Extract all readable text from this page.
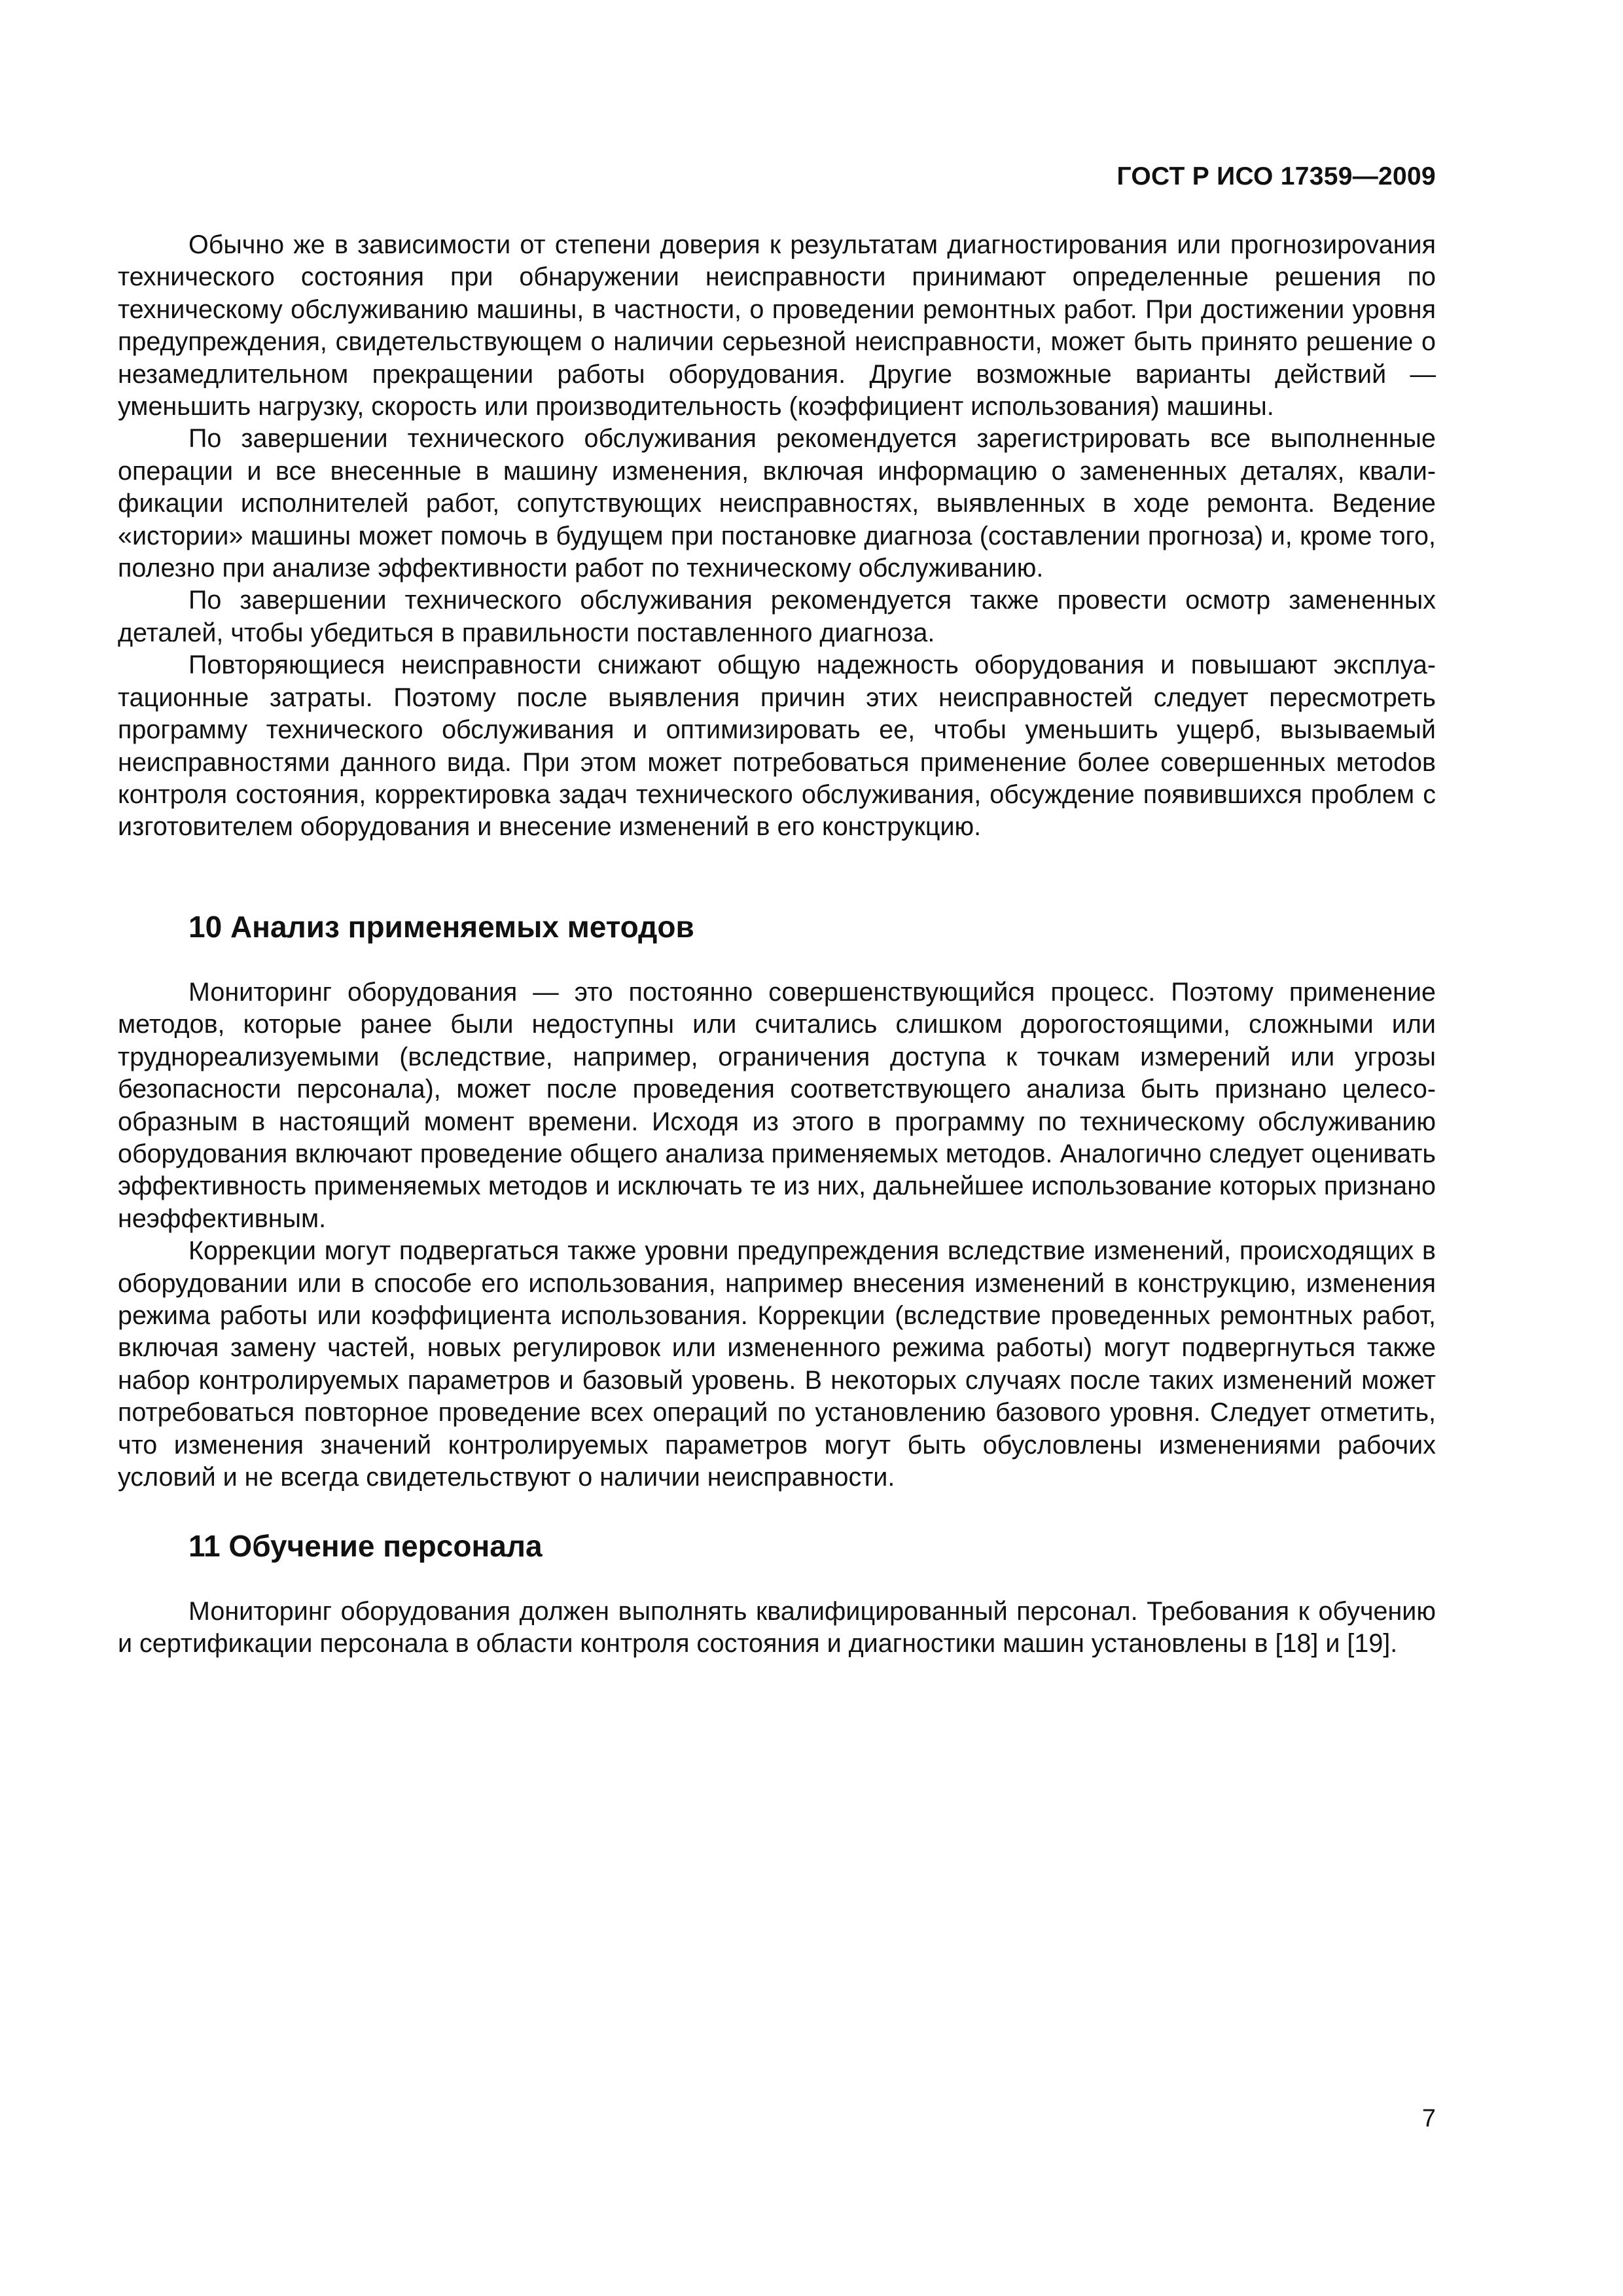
ГОСТ Р ИСО 17359—2009

Обычно же в зависимости от степени доверия к результатам диагностирования или прогнозироvания технического состояния при обнаружении неисправности принимают определенные решения по техническому обслуживанию машины, в частности, о проведении ремонтных работ. При достижении уровня предупреждения, свидетельствующем о наличии серьезной неисправности, может быть принято решение о незамедлительном прекращении работы оборудования. Другие возможные варианты действий — уменьшить нагрузку, скорость или производительность (коэффициент использования) машины.

По завершении технического обслуживания рекомендуется зарегистрировать все выполненные операции и все внесенные в машину изменения, включая информацию о замененных деталях, квалификации исполнителей работ, сопутствующих неисправностях, выявленных в ходе ремонта. Ведение «истории» машины может помочь в будущем при постановке диагноза (составлении прогноза) и, кроме того, полезно при анализе эффективности работ по техническому обслуживанию.

По завершении технического обслуживания рекомендуется также провести осмотр замененных деталей, чтобы убедиться в правильности поставленного диагноза.

Повторяющиеся неисправности снижают общую надежность оборудования и повышают эксплуатационные затраты. Поэтому после выявления причин этих неисправностей следует пересмотреть программу технического обслуживания и оптимизировать ее, чтобы уменьшить ущерб, вызываемый неисправностями данного вида. При этом может потребоваться применение более совершенных метоdов контроля состояния, корректировка задач технического обслуживания, обсуждение появившихся проблем с изготовителем оборудования и внесение изменений в его конструкцию.

10 Анализ применяемых методов

Мониторинг оборудования — это постоянно совершенствующийся процесс. Поэтому применение методов, которые ранее были недоступны или считались слишком дорогостоящими, сложными или труднореализуемыми (вследствие, например, ограничения доступа к точкам измерений или угрозы безопасности персонала), может после проведения соответствующего анализа быть признано целесообразным в настоящий момент времени. Исходя из этого в программу по техническому обслуживанию оборудования включают проведение общего анализа применяемых методов. Аналогично следует оценивать эффективность применяемых методов и исключать те из них, дальнейшее использование которых признано неэффективным.

Коррекции могут подвергаться также уровни предупреждения вследствие изменений, происходящих в оборудовании или в способе его использования, например внесения изменений в конструкцию, изменения режима работы или коэффициента использования. Коррекции (вследствие проведенных ремонтных работ, включая замену частей, новых регулировок или измененного режима работы) могут подвергнуться также набор контролируемых параметров и базовый уровень. В некоторых случаях после таких изменений может потребоваться повторное проведение всех операций по установлению базового уровня. Следует отметить, что изменения значений контролируемых параметров могут быть обусловлены изменениями рабочих условий и не всегда свидетельствуют о наличии неисправности.

11 Обучение персонала

Мониторинг оборудования должен выполнять квалифицированный персонал. Требования к обучению и сертификации персонала в области контроля состояния и диагностики машин установлены в [18] и [19].

7
